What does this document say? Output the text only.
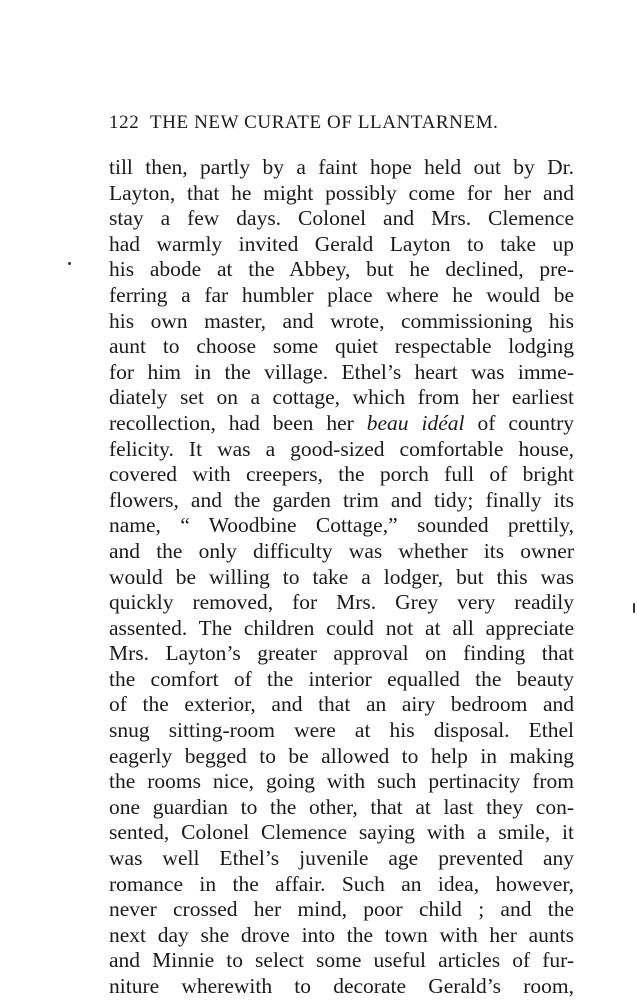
122 THE NEW CURATE OF LLANTARNEM.
till then, partly by a faint hope held out by Dr.
Layton, that he might possibly come for her and
stay a few days. Colonel and Mrs. Clemence
had warmly invited Gerald Layton to take up
his abode at the Abbey, but he declined, pre-
ferring a far humbler place where he would be
his own master, and wrote, commissioning his
aunt to choose some quiet respectable lodging
for him in the village. Ethel’s heart was imme-
diately set on a cottage, which from her earliest
recollection, had been her beau idéal of country
felicity. It was a good-sized comfortable house,
covered with creepers, the porch full of bright
flowers, and the garden trim and tidy; finally its
name, “ Woodbine Cottage,” sounded prettily,
and the only difficulty was whether its owner
would be willing to take a lodger, but this was
quickly removed, for Mrs. Grey very readily
assented. The children could not at all appreciate
Mrs. Layton’s greater approval on finding that
the comfort of the interior equalled the beauty
of the exterior, and that an airy bedroom and
snug sitting-room were at his disposal. Ethel
eagerly begged to be allowed to help in making
the rooms nice, going with such pertinacity from
one guardian to the other, that at last they con-
sented, Colonel Clemence saying with a smile, it
was well Ethel’s juvenile age prevented any
romance in the affair. Such an idea, however,
never crossed her mind, poor child ; and the
next day she drove into the town with her aunts
and Minnie to select some useful articles of fur-
niture wherewith to decorate Gerald’s room,
